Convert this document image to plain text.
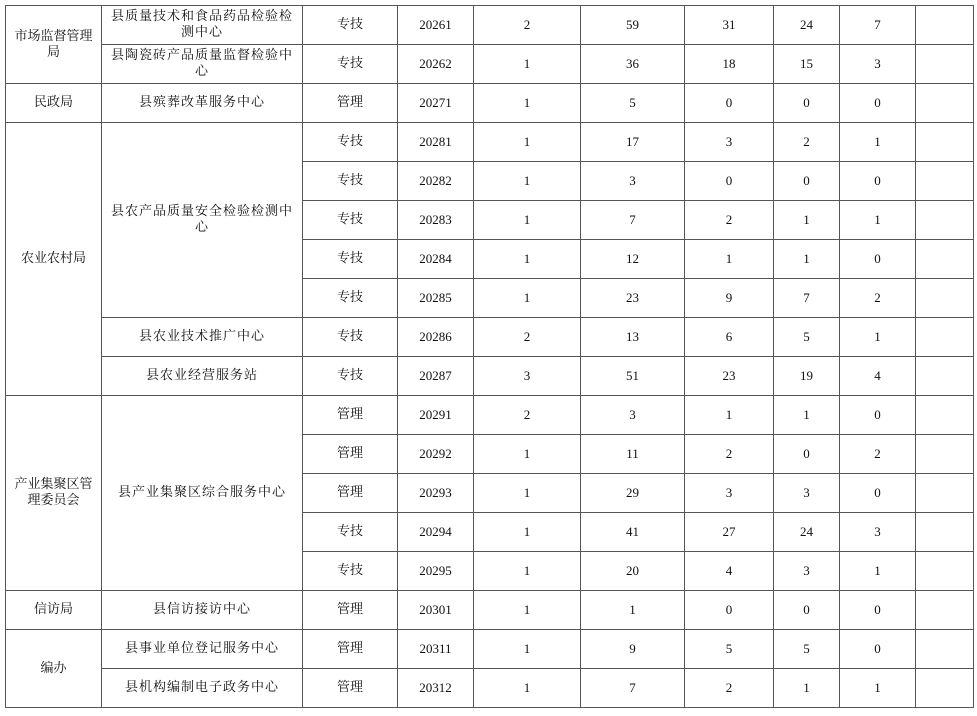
市场监督管理局	县质量技术和食品药品检验检测中心	专技	20261	2	59	31	24	7	
	县陶瓷砖产品质量监督检验中心	专技	20262	1	36	18	15	3	
民政局	县殡葬改革服务中心	管理	20271	1	5	0	0	0	
农业农村局	县农产品质量安全检验检测中心	专技	20281	1	17	3	2	1	
		专技	20282	1	3	0	0	0	
		专技	20283	1	7	2	1	1	
		专技	20284	1	12	1	1	0	
		专技	20285	1	23	9	7	2	
	县农业技术推广中心	专技	20286	2	13	6	5	1	
	县农业经营服务站	专技	20287	3	51	23	19	4	
产业集聚区管理委员会	县产业集聚区综合服务中心	管理	20291	2	3	1	1	0	
		管理	20292	1	11	2	0	2	
		管理	20293	1	29	3	3	0	
		专技	20294	1	41	27	24	3	
		专技	20295	1	20	4	3	1	
信访局	县信访接访中心	管理	20301	1	1	0	0	0	
编办	县事业单位登记服务中心	管理	20311	1	9	5	5	0	
	县机构编制电子政务中心	管理	20312	1	7	2	1	1	
